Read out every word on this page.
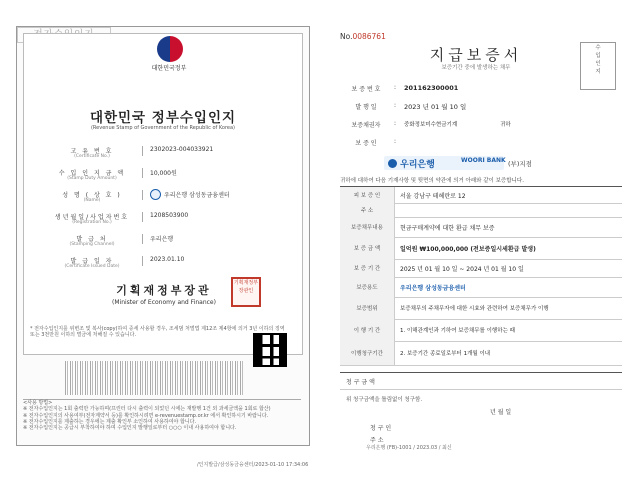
대한민국정부
대한민국 정부수입인지
(Revenue Stamp of Government of the Republic of Korea)
고 유 번 호
(Certificate No.)
2302023-004033921
수 입 인 지 금 액
(Stamp Duty Amount)
10,000원
성 명 ( 상 호 )
(Name)
우리은행 삼성동금융센터
생년월일/사업자번호
(Registration No.)
1208503900
발 급 처
(Stamping Channel)
우리은행
발 급 일 자
(Certificate Issued Date)
2023.01.10
기획재정부장관
(Minister of Economy and Finance)
기획재정부장관인
* 전자수입인지를 위변조 및 복사(copy)하여 증세 사용할 경우, 조세범 처벌법 제12조 제4항에 의거 3년 이하의 징역
또는 3천만원 이하의 벌금에 처해질 수 있습니다.
<사용 방법>
※ 전자수입인지는 1회 출력만 가능하며(프린터 다시 출력이 되었던 시에는 재발행 1건 외 과세금액을 1회로 합산)
※ 전자수입인지의 사용여부(전자계약서 등)를 확인하시려면 e-revenuestamp.or.kr 에서 확인하시기 바랍니다.
※ 전자수입인지를 제출하는 경우에는 제출 확인부 소인하여 사용하여야 합니다.
※ 전자수입인지는 공급시 부착하여야 하며 수입인지 발행일로부터 ○○○ 이내 사용하여야 합니다.
/인지발급/삼성동금융센터/2023-01-10 17:34:06
No.0086761
지급보증서
보증기간 중에 발생하는 채무
수
입
인
지
보 증 번 호	: 201162300001
발 행 일	: 2023 년 01 월 10 일
보증채권자	: 중화정보미수현금기계	귀하
보 증 인	:
우리은행	WOORI BANK (부)지점
귀하에 대하여 다음 기재사항 및 뒷면의 약관에 의거 아래와 같이 보증합니다.
피 보 증 인	서울 강남구 테헤란로 12
주 소
보증채무내용	현금구매계약에 대한 환급 채무 보증
보 증 금 액	일억원 ₩100,000,000 (전보증일시세환급 발생)
보 증 기 간	2025 년 01 월 10 일 ~ 2024 년 01 월 10 일
보증용도	우리은행 삼성동금융센터
보증범위	보증채무의 주채무자에 대한 시효와 관련하여 보증채무가 이행
이 행 기 간	1. 이해관계인과 기하여 보증채무를 이행하는 때
이행청구기간	2. 보증기간 종료일로부터 1개월 이내
청 구 금 액
위 청구금액을 틀림없이 청구함.
년 월 일
청 구 인
주 소
우리은행 (FB)-1001 / 2023.03 / 최신
